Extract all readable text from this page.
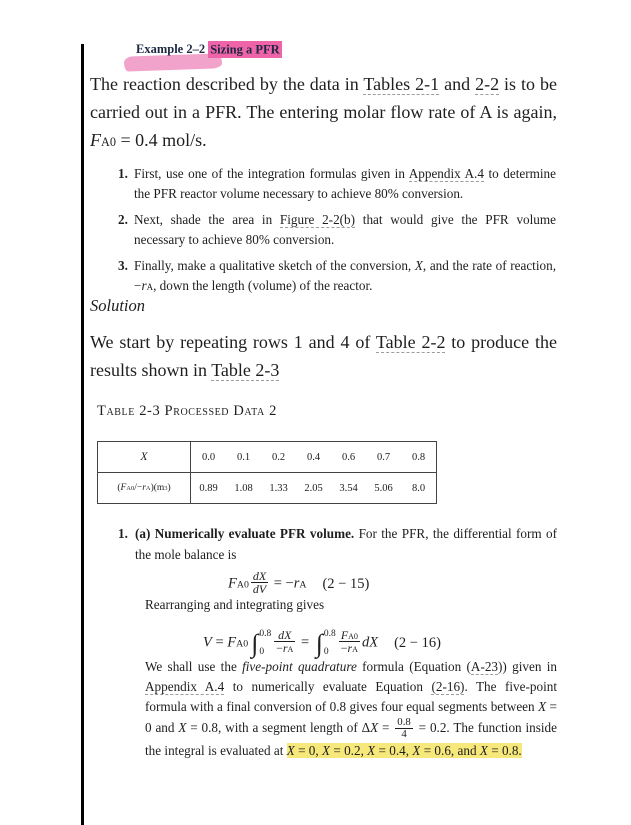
Example 2–2 Sizing a PFR

The reaction described by the data in Tables 2-1 and 2-2 is to be carried out in a PFR. The entering molar flow rate of A is again, FA0 = 0.4 mol/s.

1. First, use one of the integration formulas given in Appendix A.4 to determine the PFR reactor volume necessary to achieve 80% conversion.
2. Next, shade the area in Figure 2-2(b) that would give the PFR volume necessary to achieve 80% conversion.
3. Finally, make a qualitative sketch of the conversion, X, and the rate of reaction, −rA, down the length (volume) of the reactor.

Solution

We start by repeating rows 1 and 4 of Table 2-2 to produce the results shown in Table 2-3

Table 2-3 Processed Data 2

X	0.0	0.1	0.2	0.4	0.6	0.7	0.8
$(FA0/-rA)(m^3)$	0.89	1.08	1.33	2.05	3.54	5.06	8.0
1. (a) Numerically evaluate PFR volume. For the PFR, the differential form of the mole balance is
$FA0 \frac{dX}{dV} = -rA$ (2 − 15)

Rearranging and integrating gives

V = FA0 ∫ 0.8
$0 \frac{dX}{-rA}$ = ∫ 0.8
$0 \frac{FA0}{-rA}$ dX (2 − 16)

We shall use the five-point quadrature formula (Equation (A-23)) given in Appendix A.4 to numerically evaluate Equation (2-16). The five-point formula with a final conversion of 0.8 gives four equal segments between X = 0 and X = 0.8, with a segment length of $\Delta X = \frac{0.8}{4} = 0.2$. The function inside the integral is evaluated at X = 0, X = 0.2, X = 0.4, X = 0.6, and X = 0.8.
